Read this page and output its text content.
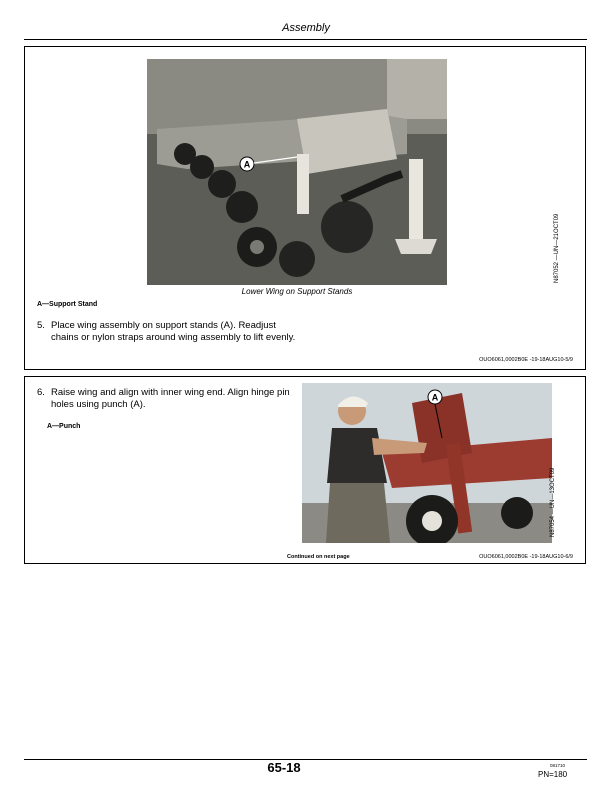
Assembly
A
Lower Wing on Support Stands
N87052 —UN—21OCT09
A—Support Stand
5. Place wing assembly on support stands (A). Readjust chains or nylon straps around wing assembly to lift evenly.
OUO6061,0002B0E -19-18AUG10-5/9
6. Raise wing and align with inner wing end. Align hinge pin holes using punch (A).
A—Punch
A
N87054 —UN—13OCT09
Continued on next page	OUO6061,0002B0E -19-18AUG10-6/9
65-18	081710
PN=180
